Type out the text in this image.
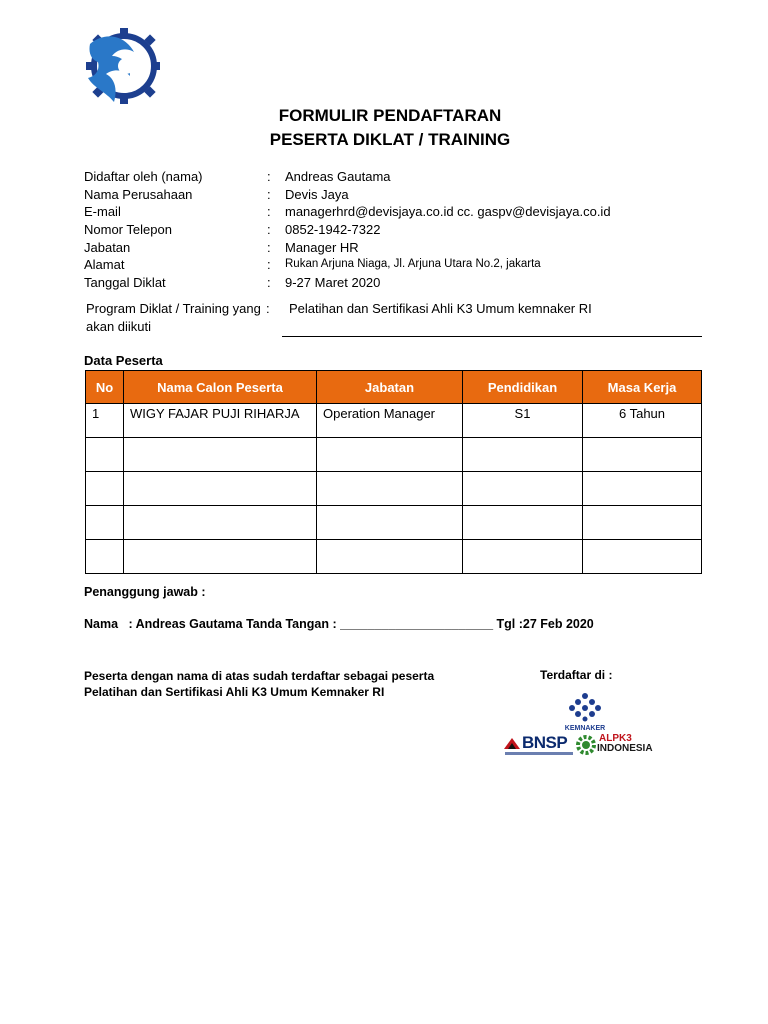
FORMULIR PENDAFTARAN
PESERTA DIKLAT / TRAINING
Didaftar oleh (nama)	: Andreas Gautama
Nama Perusahaan	: Devis Jaya
E-mail	: managerhrd@devisjaya.co.id cc. gaspv@devisjaya.co.id
Nomor Telepon	: 0852-1942-7322
Jabatan	: Manager HR
Alamat	: Rukan Arjuna Niaga, Jl. Arjuna Utara No.2, jakarta
Tanggal Diklat	: 9-27 Maret 2020
Program Diklat / Training yang akan diikuti
: Pelatihan dan Sertifikasi Ahli K3 Umum kemnaker RI
Data Peserta
No	Nama Calon Peserta	Jabatan	Pendidikan	Masa Kerja
1	WIGY FAJAR PUJI RIHARJA	Operation Manager	S1	6 Tahun

Penanggung jawab :
Nama   : Andreas Gautama Tanda Tangan : ______________________ Tgl :27 Feb 2020
Peserta dengan nama di atas sudah terdaftar sebagai peserta
Pelatihan dan Sertifikasi Ahli K3 Umum Kemnaker RI
Terdaftar di :
KEMNAKER
BNSP	ALPK3
INDONESIA
